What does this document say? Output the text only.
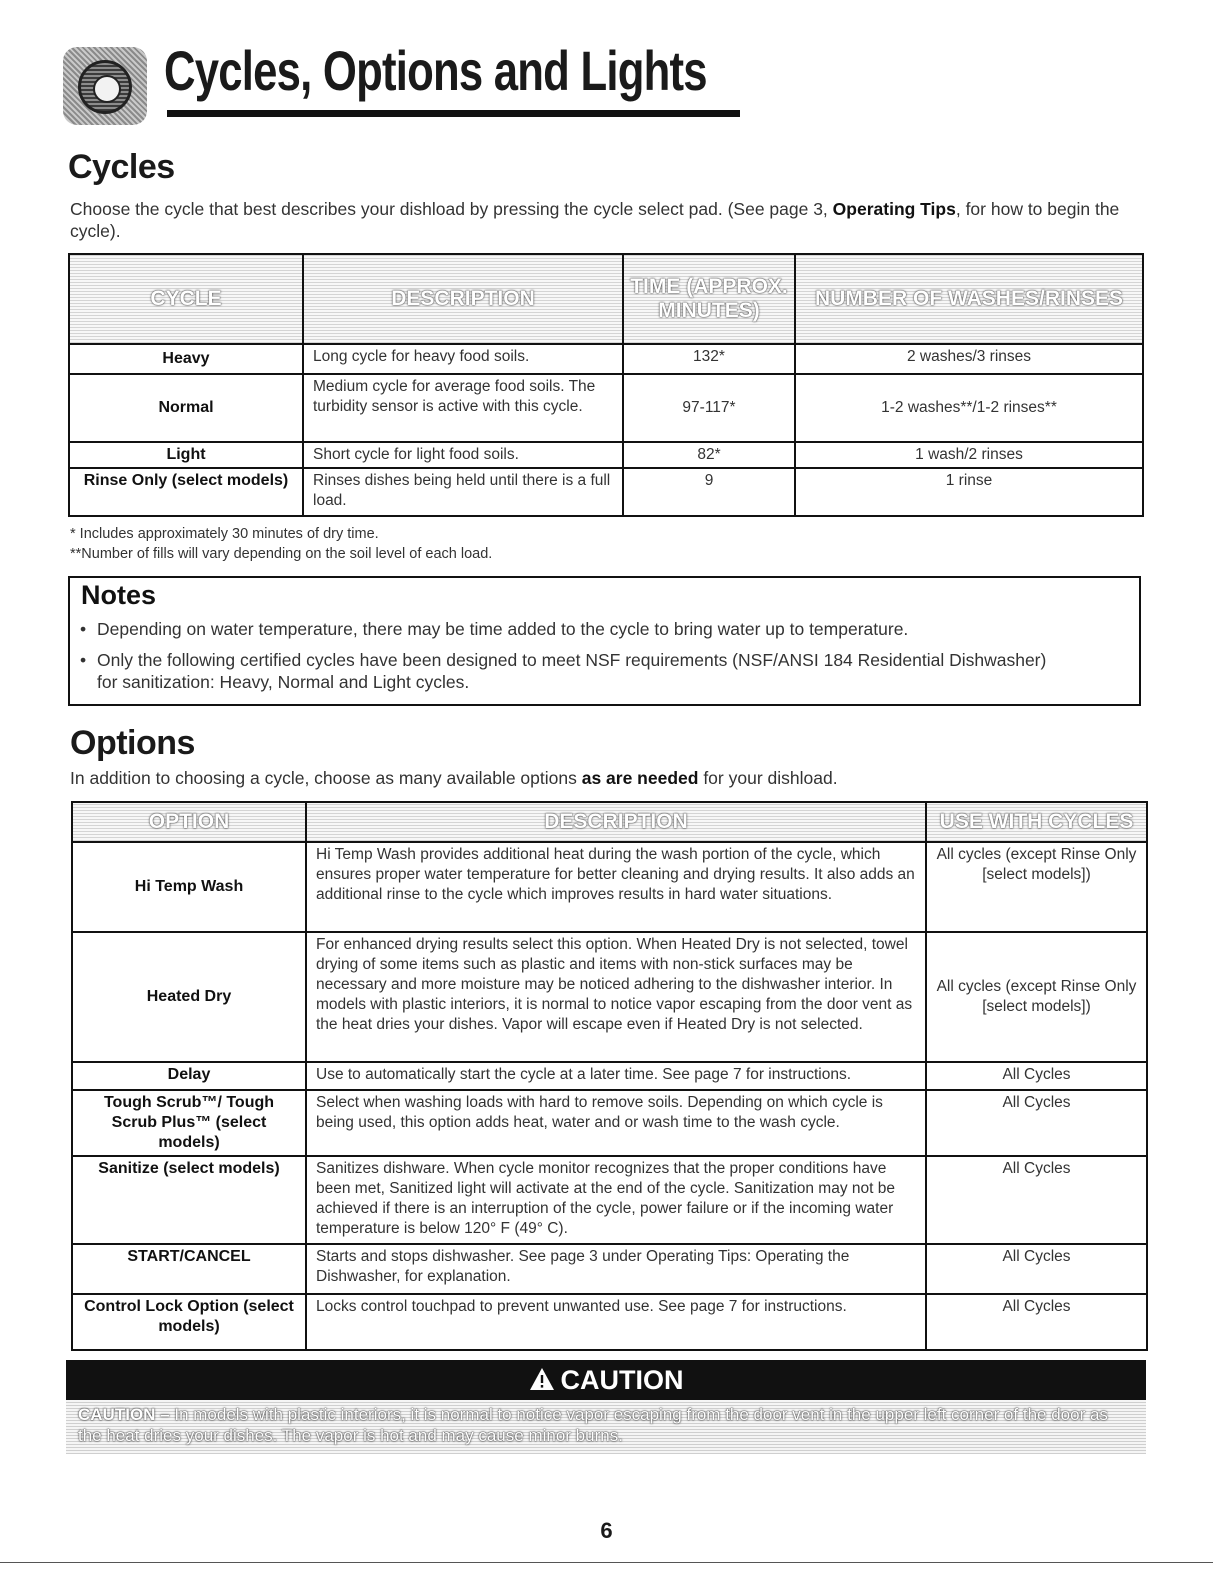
Cycles, Options and Lights
Cycles
Choose the cycle that best describes your dishload by pressing the cycle select pad. (See page 3, Operating Tips, for how to begin the cycle).
CYCLE	DESCRIPTION	TIME (APPROX. MINUTES)	NUMBER OF WASHES/RINSES
Heavy	Long cycle for heavy food soils.	132*	2 washes/3 rinses
Normal	Medium cycle for average food soils. The turbidity sensor is active with this cycle.	97-117*	1-2 washes**/1-2 rinses**
Light	Short cycle for light food soils.	82*	1 wash/2 rinses
Rinse Only (select models)	Rinses dishes being held until there is a full load.	9	1 rinse
* Includes approximately 30 minutes of dry time.
**Number of fills will vary depending on the soil level of each load.
Notes
• Depending on water temperature, there may be time added to the cycle to bring water up to temperature.
• Only the following certified cycles have been designed to meet NSF requirements (NSF/ANSI 184 Residential Dishwasher) for sanitization: Heavy, Normal and Light cycles.
Options
In addition to choosing a cycle, choose as many available options as are needed for your dishload.
OPTION	DESCRIPTION	USE WITH CYCLES
Hi Temp Wash	Hi Temp Wash provides additional heat during the wash portion of the cycle, which ensures proper water temperature for better cleaning and drying results. It also adds an additional rinse to the cycle which improves results in hard water situations.	All cycles (except Rinse Only [select models])
Heated Dry	For enhanced drying results select this option. When Heated Dry is not selected, towel drying of some items such as plastic and items with non-stick surfaces may be necessary and more moisture may be noticed adhering to the dishwasher interior. In models with plastic interiors, it is normal to notice vapor escaping from the door vent as the heat dries your dishes. Vapor will escape even if Heated Dry is not selected.	All cycles (except Rinse Only [select models])
Delay	Use to automatically start the cycle at a later time. See page 7 for instructions.	All Cycles
Tough Scrub™/ Tough Scrub Plus™ (select models)	Select when washing loads with hard to remove soils. Depending on which cycle is being used, this option adds heat, water and or wash time to the wash cycle.	All Cycles
Sanitize (select models)	Sanitizes dishware. When cycle monitor recognizes that the proper conditions have been met, Sanitized light will activate at the end of the cycle. Sanitization may not be achieved if there is an interruption of the cycle, power failure or if the incoming water temperature is below 120° F (49° C).	All Cycles
START/CANCEL	Starts and stops dishwasher. See page 3 under Operating Tips: Operating the Dishwasher, for explanation.	All Cycles
Control Lock Option (select models)	Locks control touchpad to prevent unwanted use. See page 7 for instructions.	All Cycles
CAUTION
CAUTION – In models with plastic interiors, it is normal to notice vapor escaping from the door vent in the upper left corner of the door as the heat dries your dishes. The vapor is hot and may cause minor burns.
6
